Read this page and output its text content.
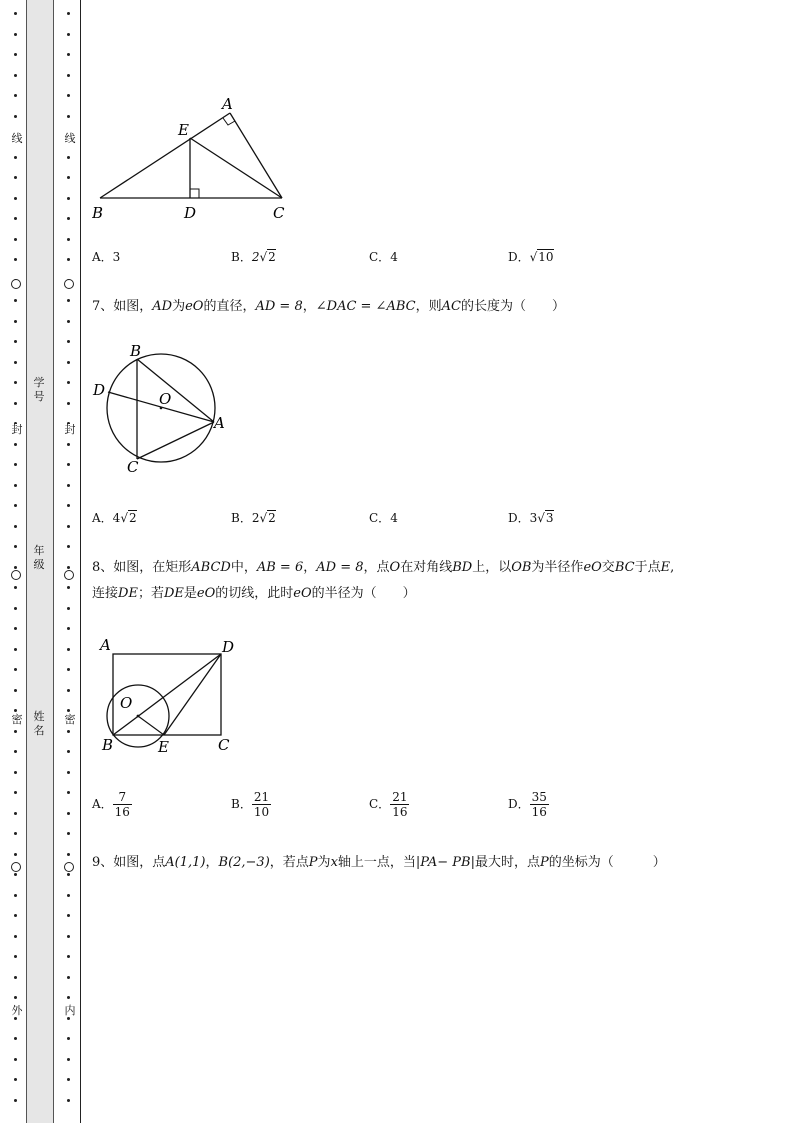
线
封
密
外
学号
年级
姓名
线
封
密
内
A
E
B	D	C
A．3	B．2√2	C．4	D．√10
7、如图，AD为eO的直径，AD = 8，∠DAC = ∠ABC，则AC的长度为（　　）
B
D	O
A
C
A．4√2	B．2√2	C．4	D．3√3
8、如图，在矩形ABCD中，AB = 6，AD = 8，点O在对角线BD上，以OB为半径作eO交BC于点E,
连接DE；若DE是eO的切线，此时eO的半径为（　　）
A	D
O
B	E	C
A． $\frac{7}{16}$	B． $\frac{21}{10}$	C． $\frac{21}{16}$	D． $\frac{35}{16}$
9、如图，点A(1,1)，B(2,−3)，若点P为x轴上一点，当|PA− PB|最大时，点P的坐标为（　　　）
